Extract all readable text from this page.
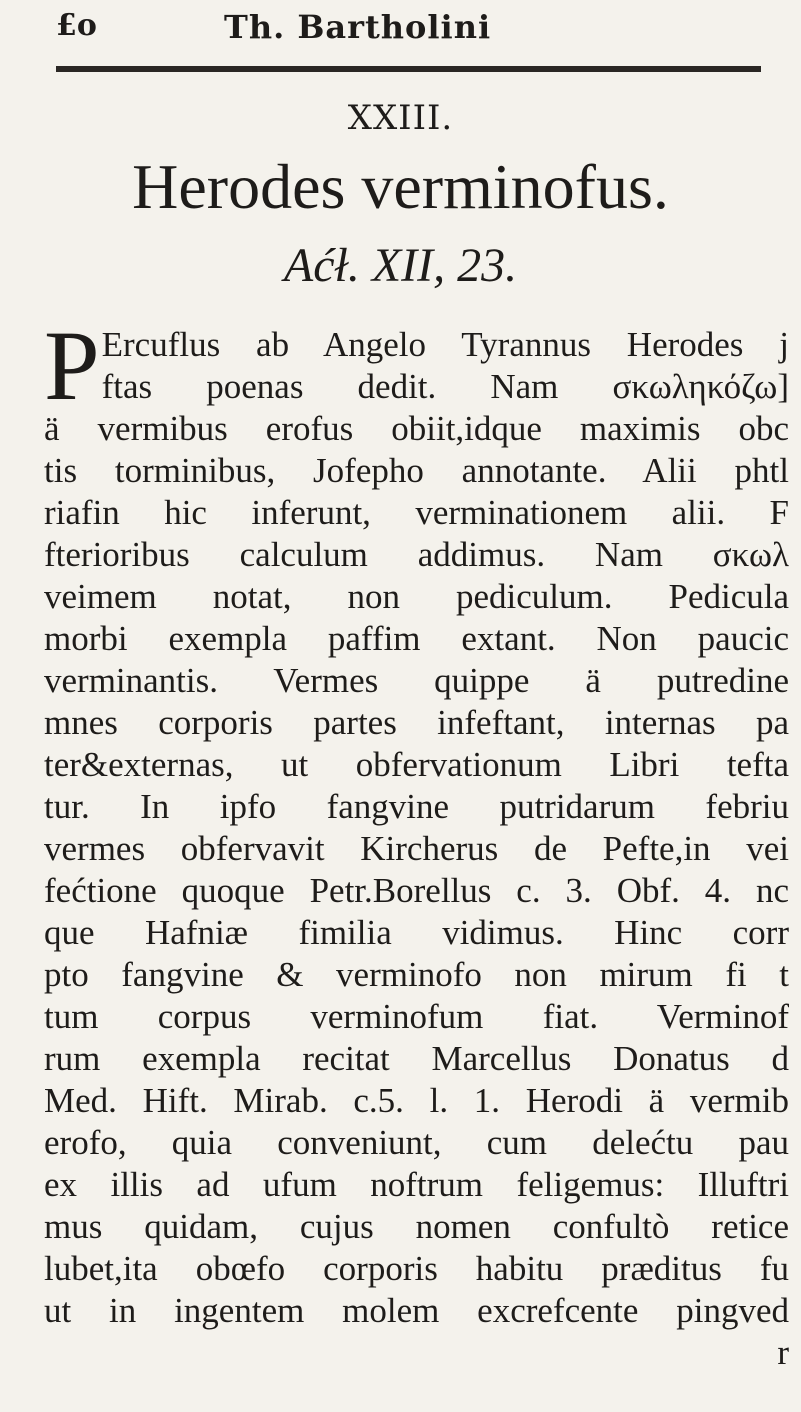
£o	Th. Bartholini
XXIII.
Herodes verminofus.
Aćł. XII, 23.
P Ercuflus ab Angelo Tyrannus Herodes j
ftas poenas dedit. Nam σκωληκόζω]
ä vermibus erofus obiit,idque maximis obc
tis torminibus, Jofepho annotante. Alii phtl
riafin hic inferunt, verminationem alii. F
fterioribus calculum addimus. Nam σκωλ
veimem notat, non pediculum. Pedicula
morbi exempla paffim extant. Non paucic
verminantis. Vermes quippe ä putredine
mnes corporis partes infeftant, internas pa
ter&externas, ut obfervationum Libri tefta
tur. In ipfo fangvine putridarum febriu
vermes obfervavit Kircherus de Pefte,in vei
fećtione quoque Petr.Borellus c. 3. Obf. 4. nc
que Hafniæ fimilia vidimus. Hinc corr
pto fangvine & verminofo non mirum fi t
tum corpus verminofum fiat. Verminof
rum exempla recitat Marcellus Donatus d
Med. Hift. Mirab. c.5. l. 1. Herodi ä vermib
erofo, quia conveniunt, cum delećtu pau
ex illis ad ufum noftrum feligemus: Illuftri
mus quidam, cujus nomen confultò retice
lubet,ita obœfo corporis habitu præditus fu
ut in ingentem molem excrefcente pingved
r
